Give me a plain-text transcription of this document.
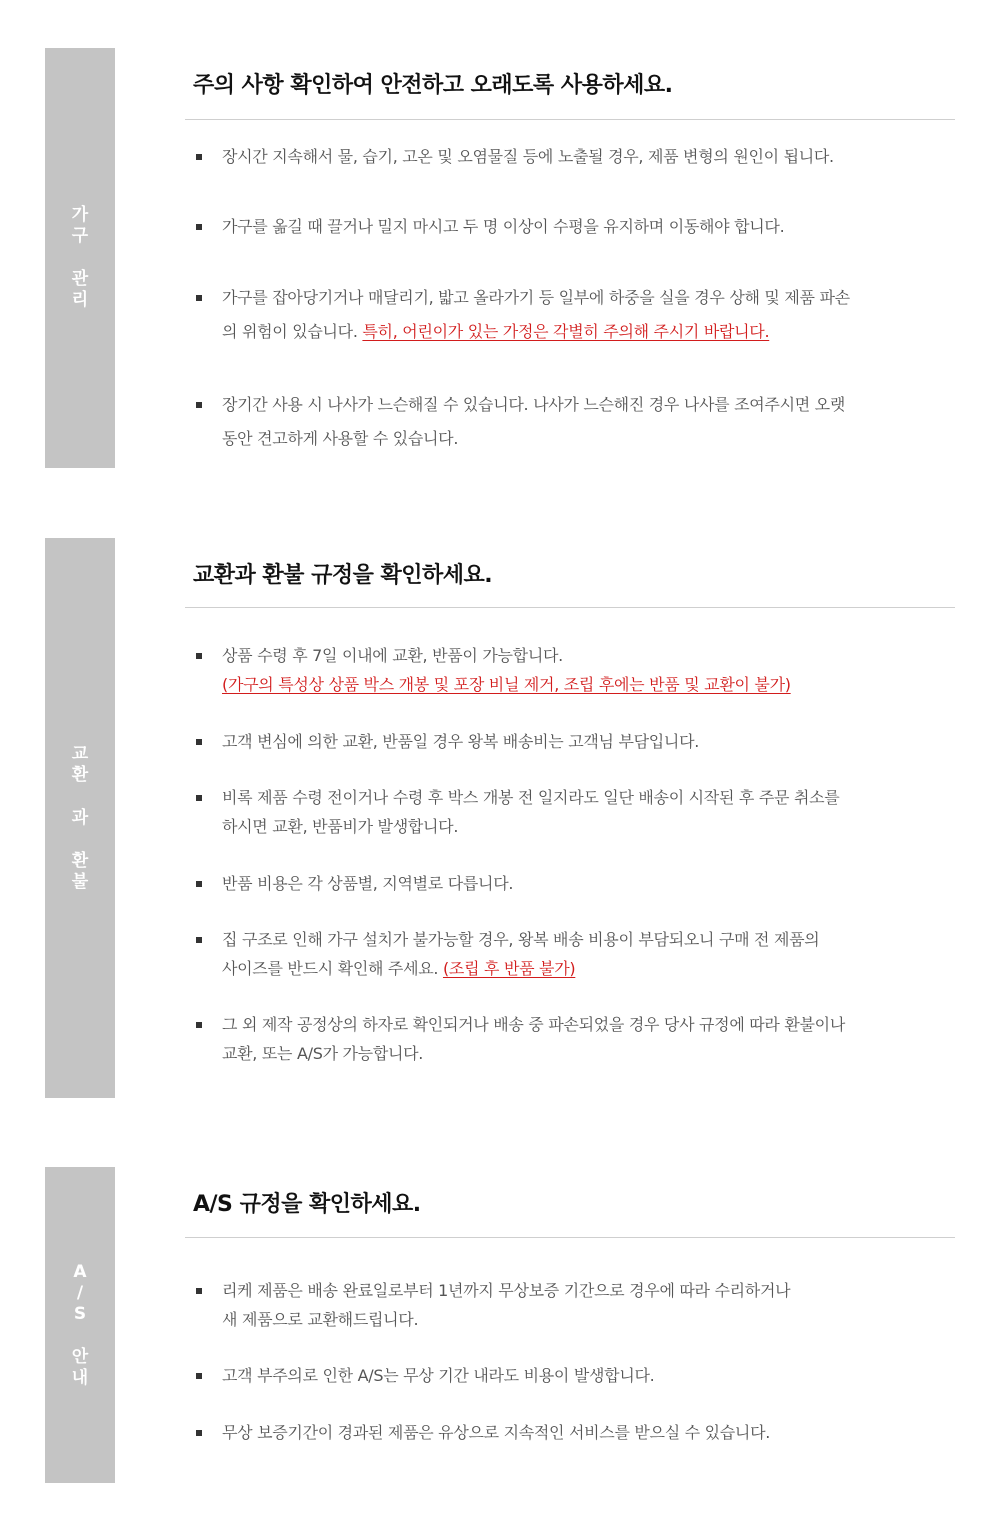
가
구
관
리
주의 사항 확인하여 안전하고 오래도록 사용하세요.
장시간 지속해서 물, 습기, 고온 및 오염물질 등에 노출될 경우, 제품 변형의 원인이 됩니다.
가구를 옮길 때 끌거나 밀지 마시고 두 명 이상이 수평을 유지하며 이동해야 합니다.
가구를 잡아당기거나 매달리기, 밟고 올라가기 등 일부에 하중을 실을 경우 상해 및 제품 파손
의 위험이 있습니다. 특히, 어린이가 있는 가정은 각별히 주의해 주시기 바랍니다.
장기간 사용 시 나사가 느슨해질 수 있습니다. 나사가 느슨해진 경우 나사를 조여주시면 오랫
동안 견고하게 사용할 수 있습니다.
교
환
과
환
불
교환과 환불 규정을 확인하세요.
상품 수령 후 7일 이내에 교환, 반품이 가능합니다.
(가구의 특성상 상품 박스 개봉 및 포장 비닐 제거, 조립 후에는 반품 및 교환이 불가)
고객 변심에 의한 교환, 반품일 경우 왕복 배송비는 고객님 부담입니다.
비록 제품 수령 전이거나 수령 후 박스 개봉 전 일지라도 일단 배송이 시작된 후 주문 취소를
하시면 교환, 반품비가 발생합니다.
반품 비용은 각 상품별, 지역별로 다릅니다.
집 구조로 인해 가구 설치가 불가능할 경우, 왕복 배송 비용이 부담되오니 구매 전 제품의
사이즈를 반드시 확인해 주세요. (조립 후 반품 불가)
그 외 제작 공정상의 하자로 확인되거나 배송 중 파손되었을 경우 당사 규정에 따라 환불이나
교환, 또는 A/S가 가능합니다.
A
/
S
안
내
A/S 규정을 확인하세요.
리케 제품은 배송 완료일로부터 1년까지 무상보증 기간으로 경우에 따라 수리하거나
새 제품으로 교환해드립니다.
고객 부주의로 인한 A/S는 무상 기간 내라도 비용이 발생합니다.
무상 보증기간이 경과된 제품은 유상으로 지속적인 서비스를 받으실 수 있습니다.
